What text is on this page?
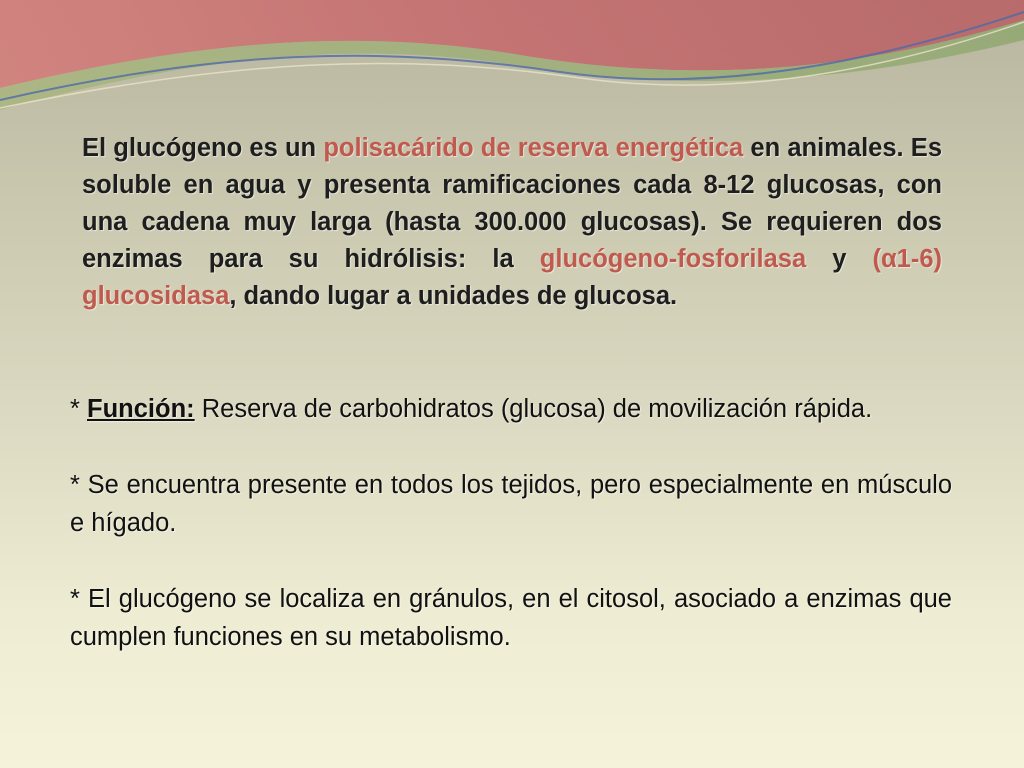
El glucógeno es un polisacárido de reserva energética en animales. Es soluble en agua y presenta ramificaciones cada 8-12 glucosas, con una cadena muy larga (hasta 300.000 glucosas). Se requieren dos enzimas para su hidrólisis: la glucógeno-fosforilasa y (α1-6) glucosidasa, dando lugar a unidades de glucosa.

* Función: Reserva de carbohidratos (glucosa) de movilización rápida.

* Se encuentra presente en todos los tejidos, pero especialmente en músculo e hígado.

* El glucógeno se localiza en gránulos, en el citosol, asociado a enzimas que cumplen funciones en su metabolismo.
